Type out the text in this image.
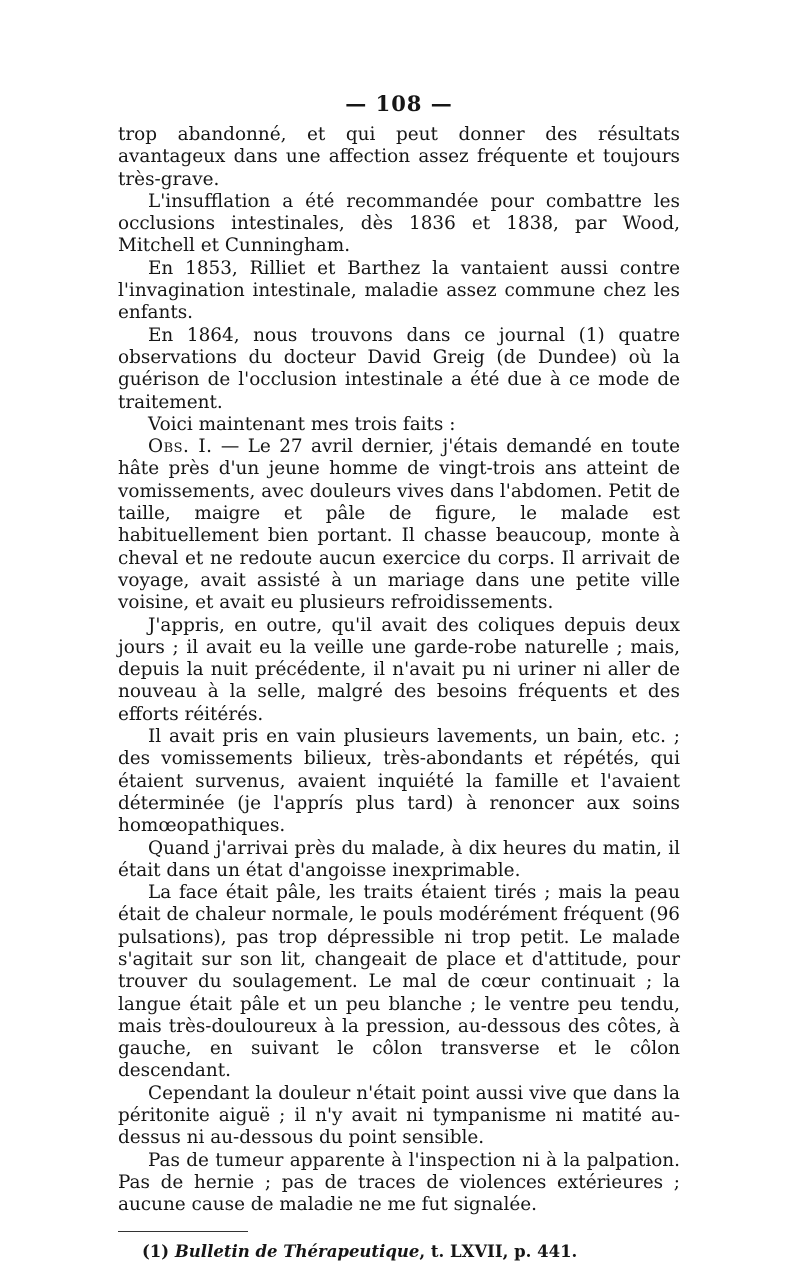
— 108 —

trop abandonné, et qui peut donner des résultats avantageux dans une affection assez fréquente et toujours très-grave.

L'insufflation a été recommandée pour combattre les occlusions intestinales, dès 1836 et 1838, par Wood, Mitchell et Cunningham.

En 1853, Rilliet et Barthez la vantaient aussi contre l'invagination intestinale, maladie assez commune chez les enfants.

En 1864, nous trouvons dans ce journal (1) quatre observations du docteur David Greig (de Dundee) où la guérison de l'occlusion intestinale a été due à ce mode de traitement.

Voici maintenant mes trois faits :

Obs. I. — Le 27 avril dernier, j'étais demandé en toute hâte près d'un jeune homme de vingt-trois ans atteint de vomissements, avec douleurs vives dans l'abdomen. Petit de taille, maigre et pâle de figure, le malade est habituellement bien portant. Il chasse beaucoup, monte à cheval et ne redoute aucun exercice du corps. Il arrivait de voyage, avait assisté à un mariage dans une petite ville voisine, et avait eu plusieurs refroidissements.

J'appris, en outre, qu'il avait des coliques depuis deux jours ; il avait eu la veille une garde-robe naturelle ; mais, depuis la nuit précédente, il n'avait pu ni uriner ni aller de nouveau à la selle, malgré des besoins fréquents et des efforts réitérés.

Il avait pris en vain plusieurs lavements, un bain, etc. ; des vomissements bilieux, très-abondants et répétés, qui étaient survenus, avaient inquiété la famille et l'avaient déterminée (je l'apprís plus tard) à renoncer aux soins homœopathiques.

Quand j'arrivai près du malade, à dix heures du matin, il était dans un état d'angoisse inexprimable.

La face était pâle, les traits étaient tirés ; mais la peau était de chaleur normale, le pouls modérément fréquent (96 pulsations), pas trop dépressible ni trop petit. Le malade s'agitait sur son lit, changeait de place et d'attitude, pour trouver du soulagement. Le mal de cœur continuait ; la langue était pâle et un peu blanche ; le ventre peu tendu, mais très-douloureux à la pression, au-dessous des côtes, à gauche, en suivant le côlon transverse et le côlon descendant.

Cependant la douleur n'était point aussi vive que dans la péritonite aiguë ; il n'y avait ni tympanisme ni matité au-dessus ni au-dessous du point sensible.

Pas de tumeur apparente à l'inspection ni à la palpation. Pas de hernie ; pas de traces de violences extérieures ; aucune cause de maladie ne me fut signalée.

(1) Bulletin de Thérapeutique, t. LXVII, p. 441.
